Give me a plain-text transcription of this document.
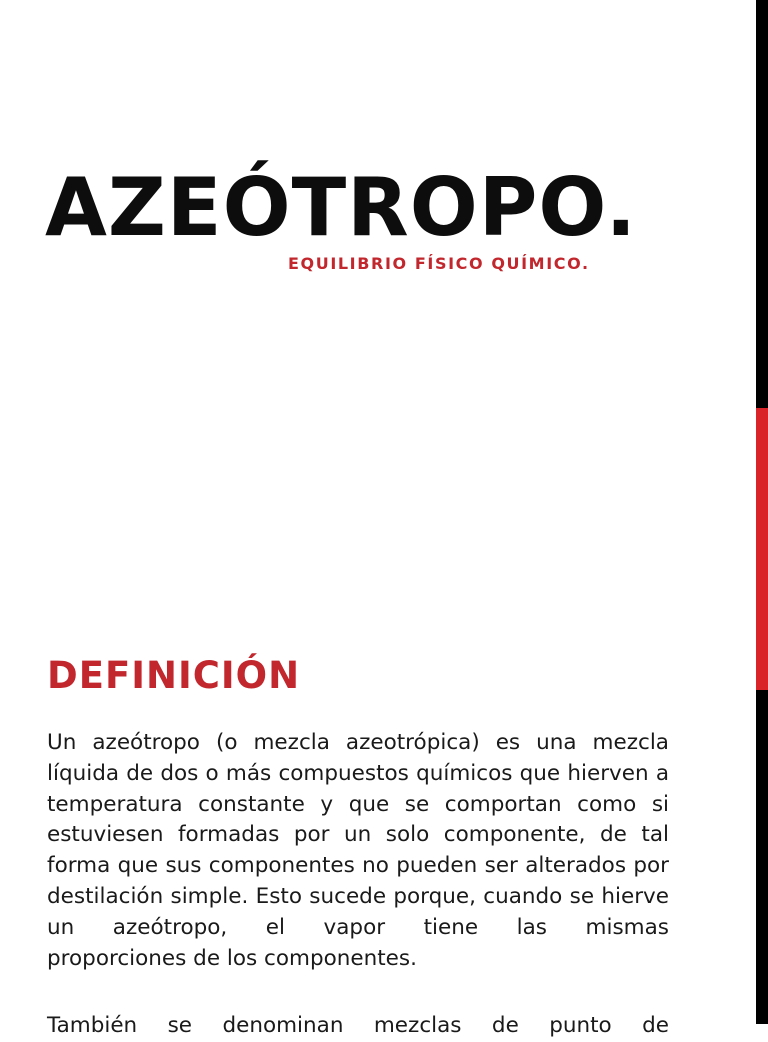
AZEÓTROPO.

EQUILIBRIO FÍSICO QUÍMICO.

DEFINICIÓN

Un azeótropo (o mezcla azeotrópica) es una mezcla líquida de dos o más compuestos químicos que hierven a temperatura constante y que se comportan como si estuviesen formadas por un solo componente, de tal forma que sus componentes no pueden ser alterados por destilación simple. Esto sucede porque, cuando se hierve un azeótropo, el vapor tiene las mismas
proporciones de los componentes.

También se denominan mezclas de punto de
